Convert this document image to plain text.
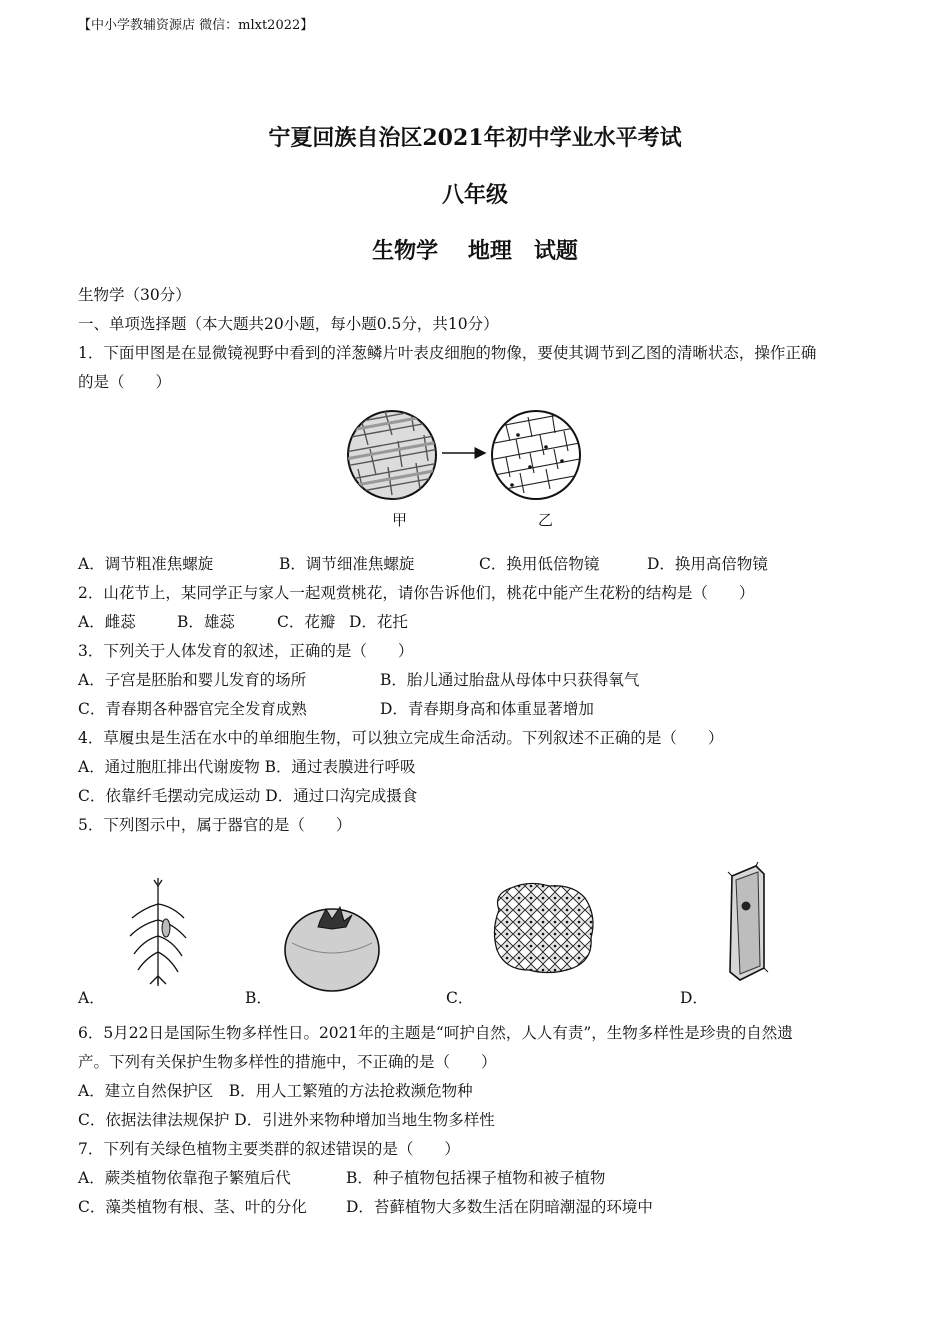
【中小学教辅资源店 微信：mlxt2022】
宁夏回族自治区2021年初中学业水平考试
八年级
生物学　 地理　试题
生物学（30分）
一、单项选择题（本大题共20小题，每小题0.5分，共10分）
1．下面甲图是在显微镜视野中看到的洋葱鳞片叶表皮细胞的物像，要使其调节到乙图的清晰状态，操作正确
的是（　　）
甲	乙
A．调节粗准焦螺旋	B．调节细准焦螺旋	C．换用低倍物镜	D．换用高倍物镜
2．山花节上，某同学正与家人一起观赏桃花，请你告诉他们，桃花中能产生花粉的结构是（　　）
A．雌蕊	B．雄蕊	C．花瓣 D．花托
3．下列关于人体发育的叙述，正确的是（　　）
A．子宫是胚胎和婴儿发育的场所	B．胎儿通过胎盘从母体中只获得氧气
C．青春期各种器官完全发育成熟	D．青春期身高和体重显著增加
4．草履虫是生活在水中的单细胞生物，可以独立完成生命活动。下列叙述不正确的是（　　）
A．通过胞肛排出代谢废物 B．通过表膜进行呼吸
C．依靠纤毛摆动完成运动 D．通过口沟完成摄食
5．下列图示中，属于器官的是（　　）
A．	B．	C．	D．
6．5月22日是国际生物多样性日。2021年的主题是“呵护自然，人人有责”，生物多样性是珍贵的自然遗
产。下列有关保护生物多样性的措施中，不正确的是（　　）
A．建立自然保护区　B．用人工繁殖的方法抢救濒危物种
C．依据法律法规保护 D．引进外来物种增加当地生物多样性
7．下列有关绿色植物主要类群的叙述错误的是（　　）
A．蕨类植物依靠孢子繁殖后代	B．种子植物包括裸子植物和被子植物
C．藻类植物有根、茎、叶的分化	D．苔藓植物大多数生活在阴暗潮湿的环境中
